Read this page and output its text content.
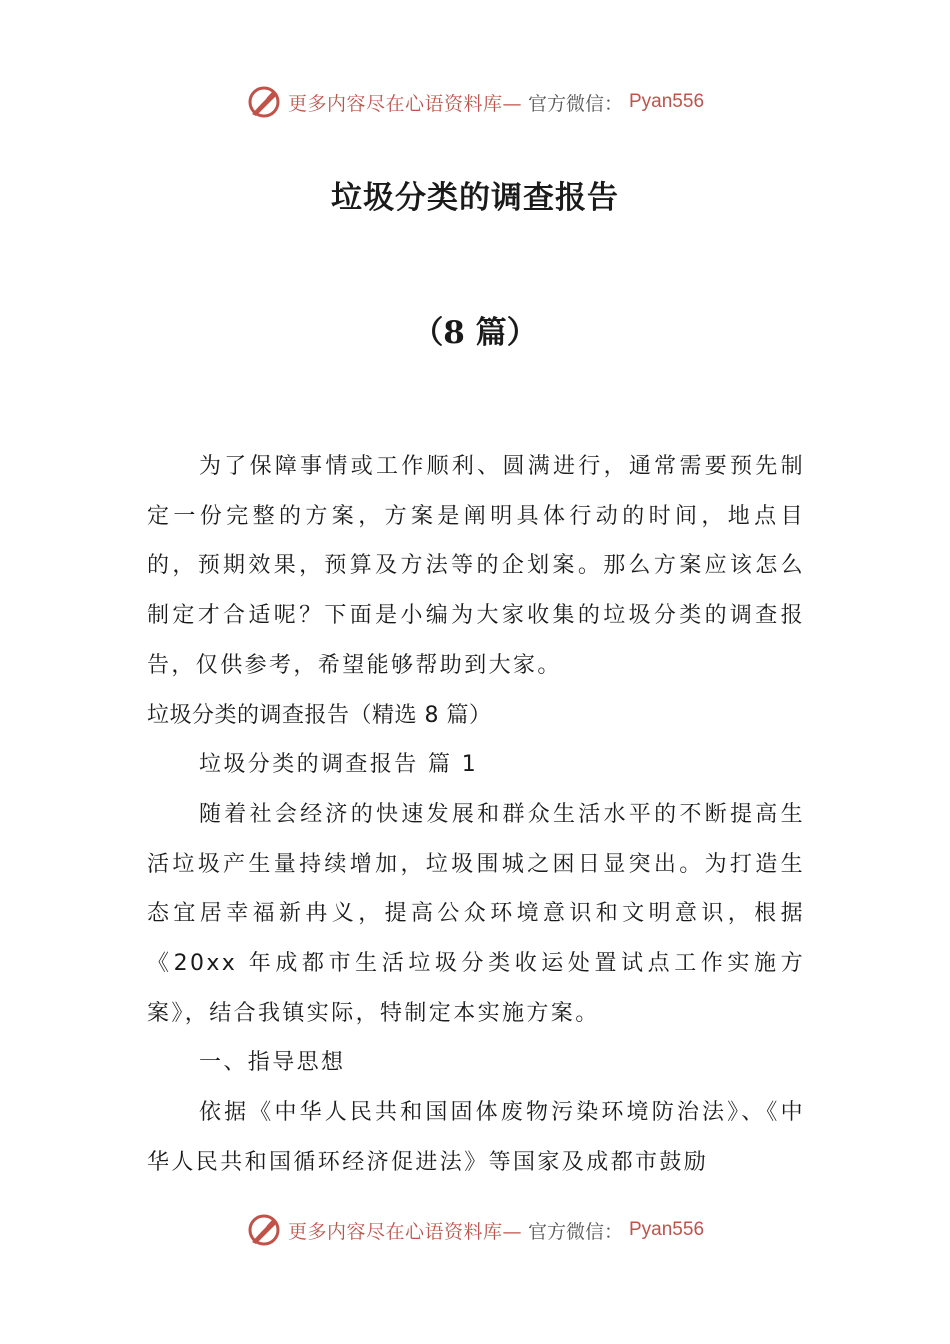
更多内容尽在心语资料库— 官方微信： Pyan556
垃圾分类的调查报告
（8 篇）

为了保障事情或工作顺利、圆满进行，通常需要预先制定一份完整的方案，方案是阐明具体行动的时间，地点目的，预期效果，预算及方法等的企划案。那么方案应该怎么制定才合适呢？下面是小编为大家收集的垃圾分类的调查报告，仅供参考，希望能够帮助到大家。

垃圾分类的调查报告（精选 8 篇）

垃圾分类的调查报告 篇 1

随着社会经济的快速发展和群众生活水平的不断提高生活垃圾产生量持续增加，垃圾围城之困日显突出。为打造生态宜居幸福新冉义，提高公众环境意识和文明意识，根据《20xx 年成都市生活垃圾分类收运处置试点工作实施方案》，结合我镇实际，特制定本实施方案。

一、指导思想

依据《中华人民共和国固体废物污染环境防治法》、《中华人民共和国循环经济促进法》等国家及成都市鼓励

更多内容尽在心语资料库— 官方微信： Pyan556
